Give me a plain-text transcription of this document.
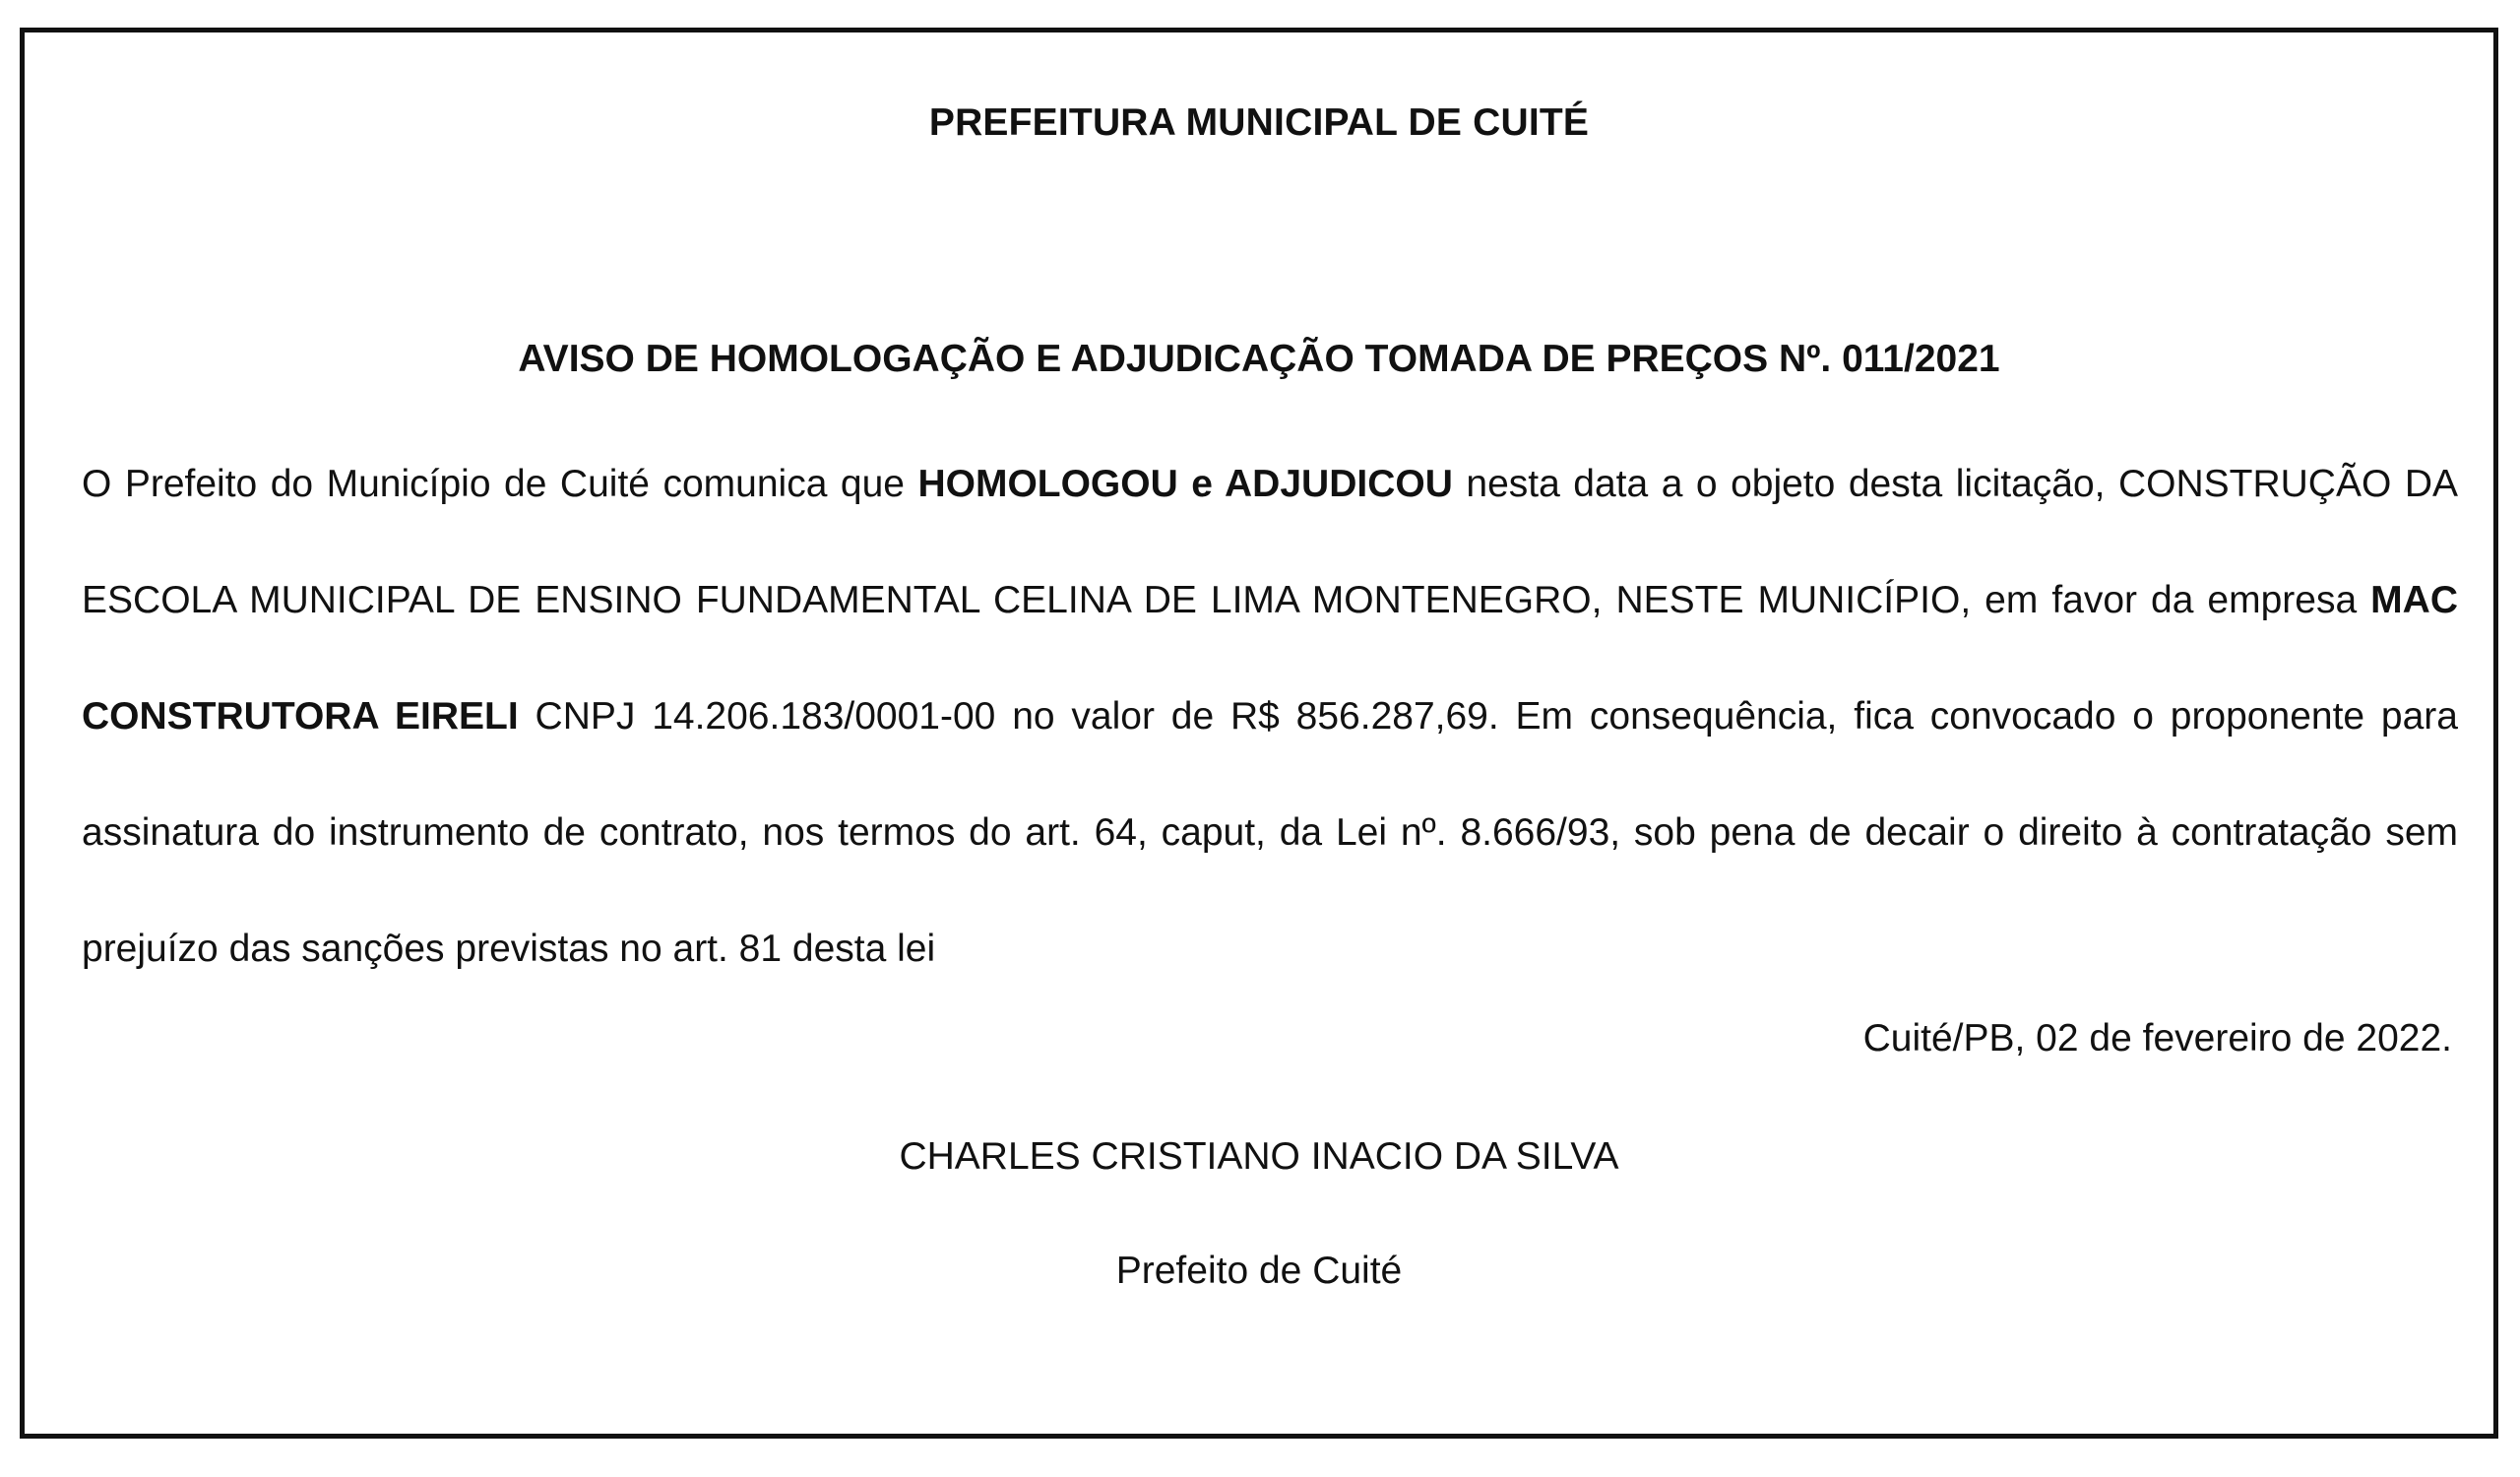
PREFEITURA MUNICIPAL DE CUITÉ
AVISO DE HOMOLOGAÇÃO E ADJUDICAÇÃO TOMADA DE PREÇOS Nº. 011/2021

O Prefeito do Município de Cuité comunica que HOMOLOGOU e ADJUDICOU nesta data a o objeto desta licitação, CONSTRUÇÃO DA ESCOLA MUNICIPAL DE ENSINO FUNDAMENTAL CELINA DE LIMA MONTENEGRO, NESTE MUNICÍPIO, em favor da empresa MAC CONSTRUTORA EIRELI CNPJ 14.206.183/0001-00 no valor de R$ 856.287,69. Em consequência, fica convocado o proponente para assinatura do instrumento de contrato, nos termos do art. 64, caput, da Lei nº. 8.666/93, sob pena de decair o direito à contratação sem prejuízo das sanções previstas no art. 81 desta lei

Cuité/PB, 02 de fevereiro de 2022.
CHARLES CRISTIANO INACIO DA SILVA
Prefeito de Cuité
